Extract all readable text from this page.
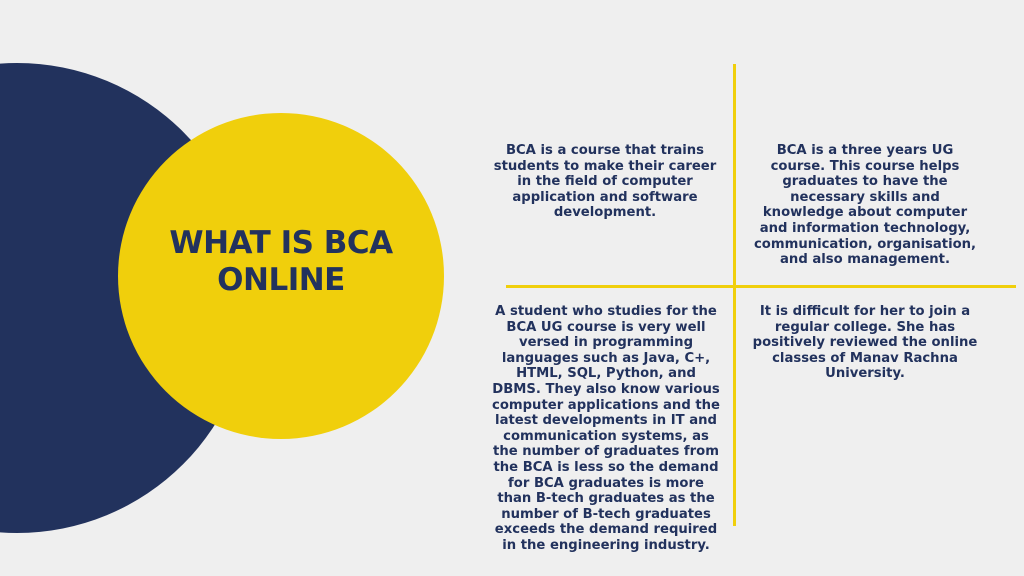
WHAT IS BCA
ONLINE

BCA is a course that trains students to make their career in the field of computer application and software development.

BCA is a three years UG course. This course helps graduates to have the necessary skills and knowledge about computer and information technology, communication, organisation, and also management.

A student who studies for the BCA UG course is very well versed in programming languages such as Java, C+, HTML, SQL, Python, and DBMS. They also know various computer applications and the latest developments in IT and communication systems, as the number of graduates from the BCA is less so the demand for BCA graduates is more than B-tech graduates as the number of B-tech graduates exceeds the demand required in the engineering industry.

It is difficult for her to join a regular college. She has positively reviewed the online classes of Manav Rachna University.
